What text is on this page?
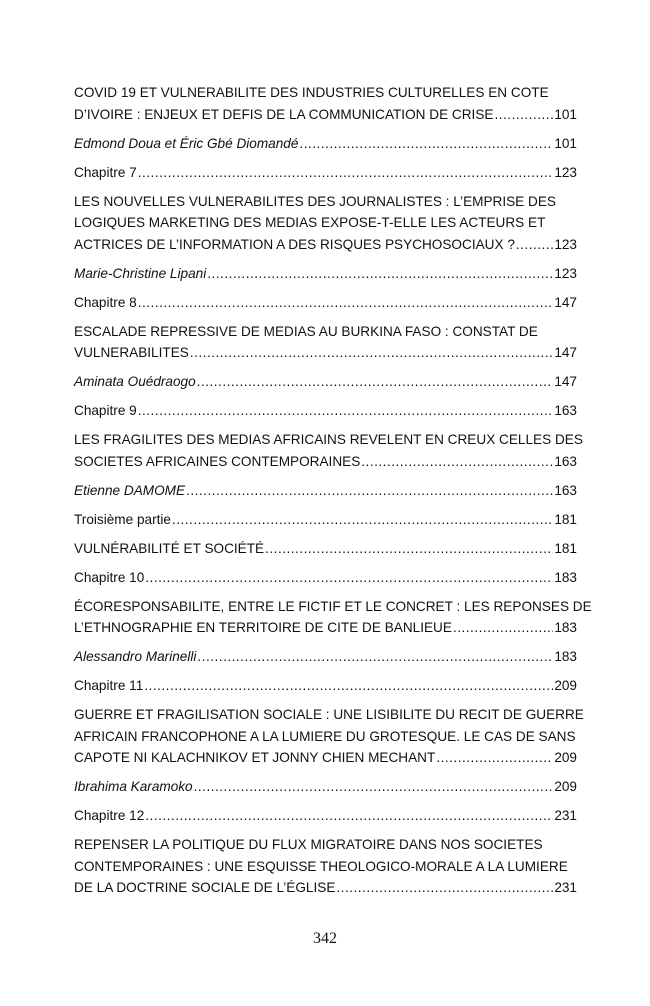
COVID 19 ET VULNERABILITE DES INDUSTRIES CULTURELLES EN COTE
D’IVOIRE : ENJEUX ET DEFIS DE LA COMMUNICATION DE CRISE .....	101
Edmond Doua et Éric Gbé Diomandé .....	101
Chapitre 7 .....	123
LES NOUVELLES VULNERABILITES DES JOURNALISTES : L’EMPRISE DES
LOGIQUES MARKETING DES MEDIAS EXPOSE-T-ELLE LES ACTEURS ET
ACTRICES DE L’INFORMATION A DES RISQUES PSYCHOSOCIAUX ? .....	123
Marie-Christine Lipani .....	123
Chapitre 8 .....	147
ESCALADE REPRESSIVE DE MEDIAS AU BURKINA FASO : CONSTAT DE
VULNERABILITES .....	147
Aminata Ouédraogo .....	147
Chapitre 9 .....	163
LES FRAGILITES DES MEDIAS AFRICAINS REVELENT EN CREUX CELLES DES
SOCIETES AFRICAINES CONTEMPORAINES .....	163
Etienne DAMOME .....	163
Troisième partie .....	181
VULNÉRABILITÉ ET SOCIÉTÉ .....	181
Chapitre 10 .....	183
ÉCORESPONSABILITE, ENTRE LE FICTIF ET LE CONCRET : LES REPONSES DE
L’ETHNOGRAPHIE EN TERRITOIRE DE CITE DE BANLIEUE .....	183
Alessandro Marinelli .....	183
Chapitre 11 .....	209
GUERRE ET FRAGILISATION SOCIALE : UNE LISIBILITE DU RECIT DE GUERRE
AFRICAIN FRANCOPHONE A LA LUMIERE DU GROTESQUE. LE CAS DE SANS
CAPOTE NI KALACHNIKOV ET JONNY CHIEN MECHANT .....	209
Ibrahima Karamoko .....	209
Chapitre 12 .....	231
REPENSER LA POLITIQUE DU FLUX MIGRATOIRE DANS NOS SOCIETES
CONTEMPORAINES : UNE ESQUISSE THEOLOGICO-MORALE A LA LUMIERE
DE LA DOCTRINE SOCIALE DE L’ÉGLISE .....	231
342
